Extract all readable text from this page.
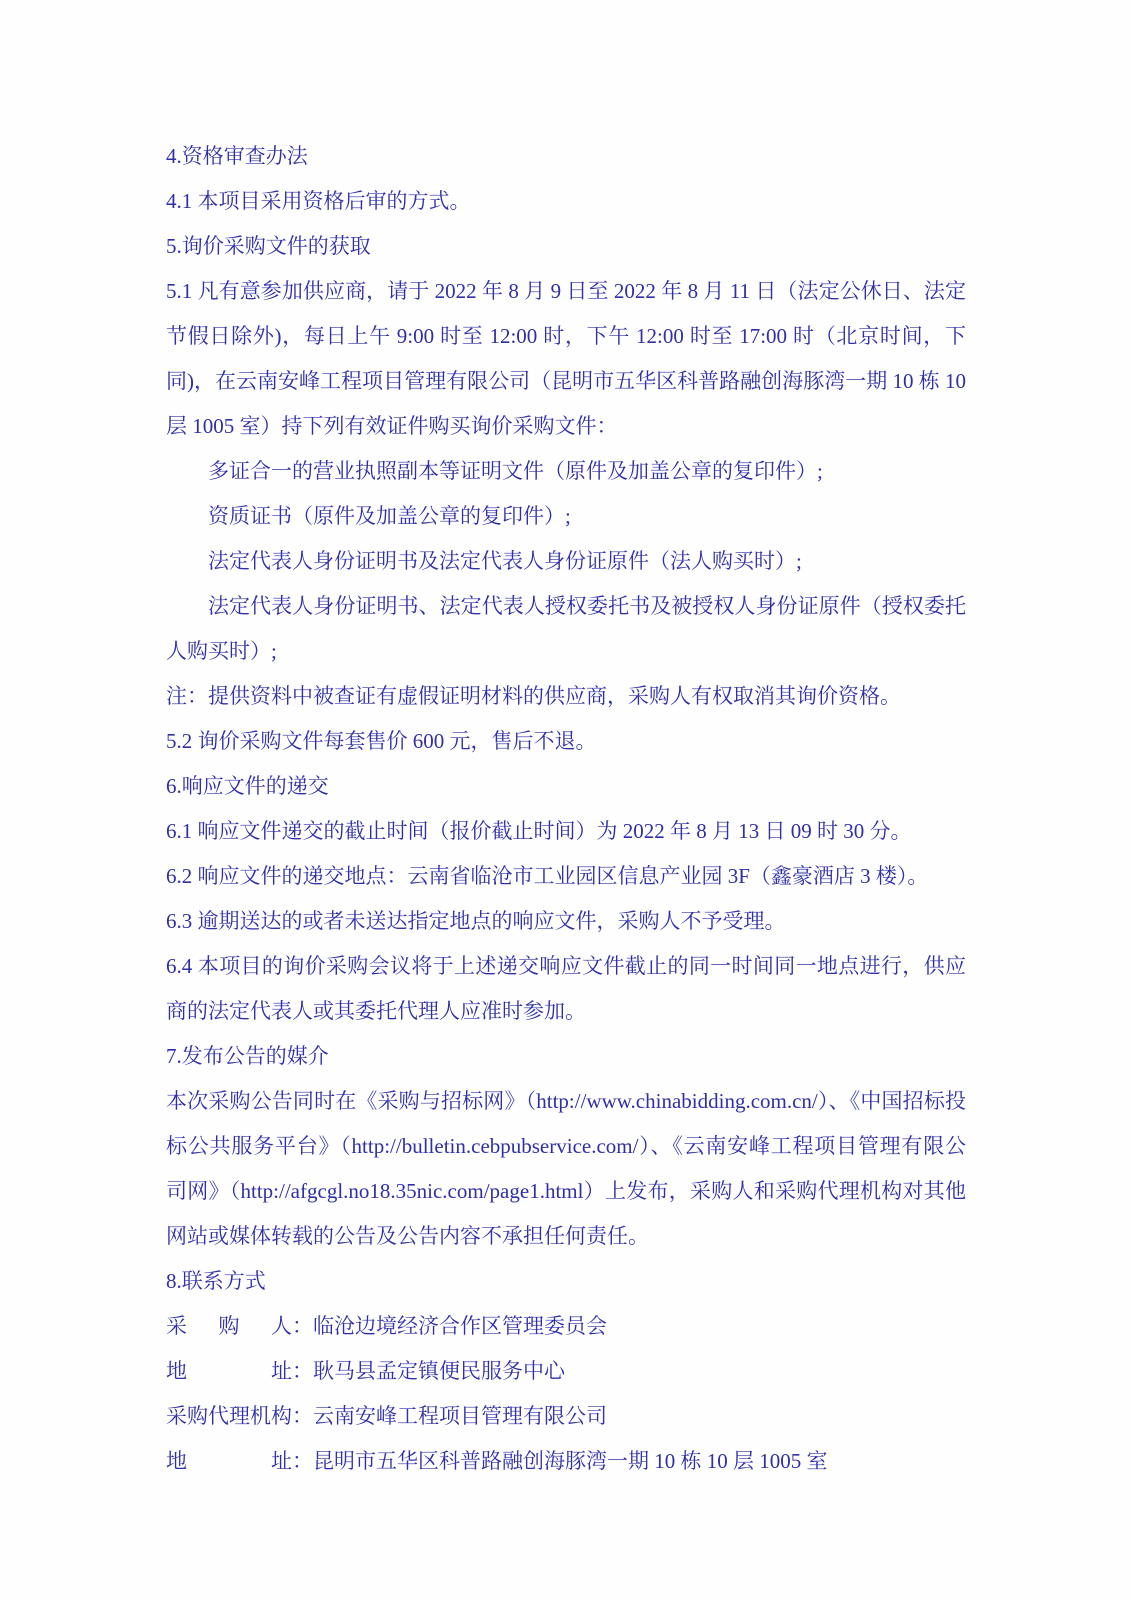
4.资格审查办法

4.1 本项目采用资格后审的方式。

5.询价采购文件的获取

5.1 凡有意参加供应商，请于 2022 年 8 月 9 日至 2022 年 8 月 11 日（法定公休日、法定节假日除外)，每日上午 9:00 时至 12:00 时，下午 12:00 时至 17:00 时（北京时间，下同)，在云南安峰工程项目管理有限公司（昆明市五华区科普路融创海豚湾一期 10 栋 10 层 1005 室）持下列有效证件购买询价采购文件：

多证合一的营业执照副本等证明文件（原件及加盖公章的复印件）;

资质证书（原件及加盖公章的复印件）;

法定代表人身份证明书及法定代表人身份证原件（法人购买时）;

法定代表人身份证明书、法定代表人授权委托书及被授权人身份证原件（授权委托人购买时）;

注：提供资料中被查证有虚假证明材料的供应商，采购人有权取消其询价资格。

5.2 询价采购文件每套售价 600 元，售后不退。

6.响应文件的递交

6.1 响应文件递交的截止时间（报价截止时间）为 2022 年 8 月 13 日 09 时 30 分。

6.2 响应文件的递交地点：云南省临沧市工业园区信息产业园 3F（鑫豪酒店 3 楼）。

6.3 逾期送达的或者未送达指定地点的响应文件，采购人不予受理。

6.4 本项目的询价采购会议将于上述递交响应文件截止的同一时间同一地点进行，供应商的法定代表人或其委托代理人应准时参加。

7.发布公告的媒介

本次采购公告同时在《采购与招标网》（http://www.chinabidding.com.cn/）、《中国招标投标公共服务平台》（http://bulletin.cebpubservice.com/）、《云南安峰工程项目管理有限公司网》（http://afgcgl.no18.35nic.com/page1.html）上发布，采购人和采购代理机构对其他网站或媒体转载的公告及公告内容不承担任何责任。

8.联系方式

采购人：临沧边境经济合作区管理委员会

地址：耿马县孟定镇便民服务中心

采购代理机构：云南安峰工程项目管理有限公司

地址：昆明市五华区科普路融创海豚湾一期 10 栋 10 层 1005 室
